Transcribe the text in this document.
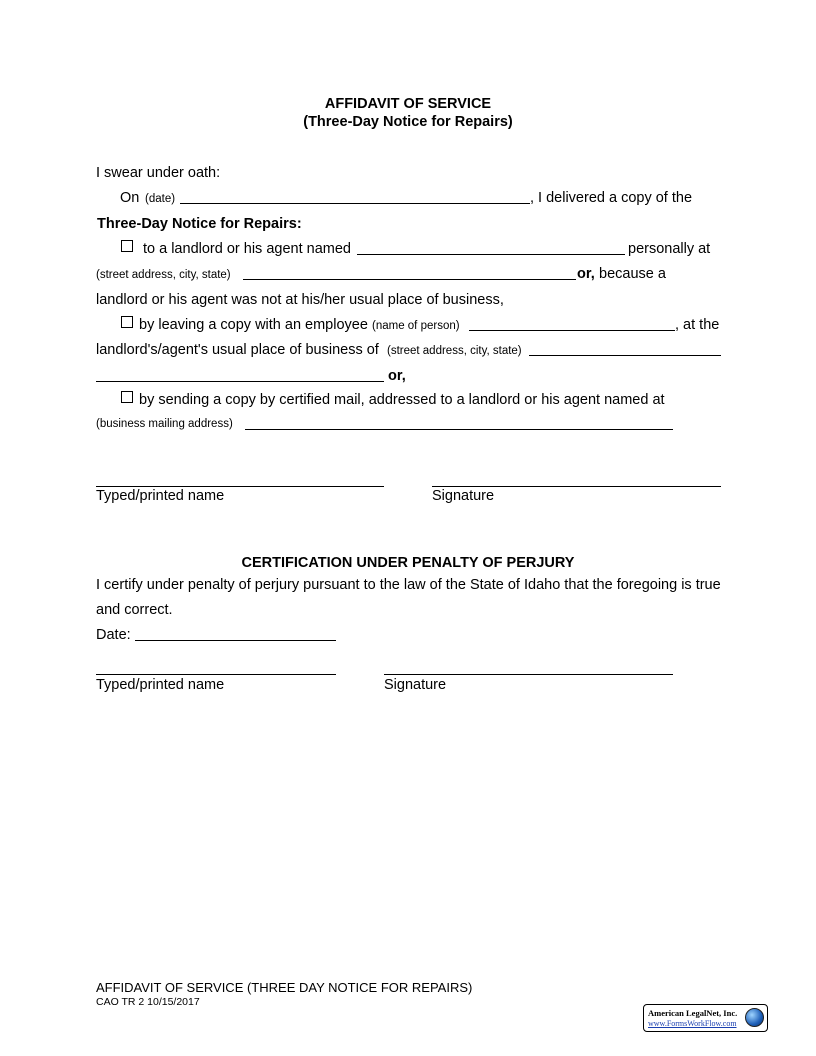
AFFIDAVIT OF SERVICE
(Three-Day Notice for Repairs)
I swear under oath:
On (date)	, I delivered a copy of the
Three-Day Notice for Repairs:
to a landlord or his agent named	personally at
(street address, city, state)	or, because a
landlord or his agent was not at his/her usual place of business,
by leaving a copy with an employee (name of person)	, at the
landlord's/agent's usual place of business of (street address, city, state)
or,
by sending a copy by certified mail, addressed to a landlord or his agent named at
(business mailing address)
Typed/printed name	Signature
CERTIFICATION UNDER PENALTY OF PERJURY
I certify under penalty of perjury pursuant to the law of the State of Idaho that the foregoing is true
and correct.
Date:
Typed/printed name	Signature
AFFIDAVIT OF SERVICE (THREE DAY NOTICE FOR REPAIRS)
CAO TR 2 10/15/2017
American LegalNet, Inc.
www.FormsWorkFlow.com
